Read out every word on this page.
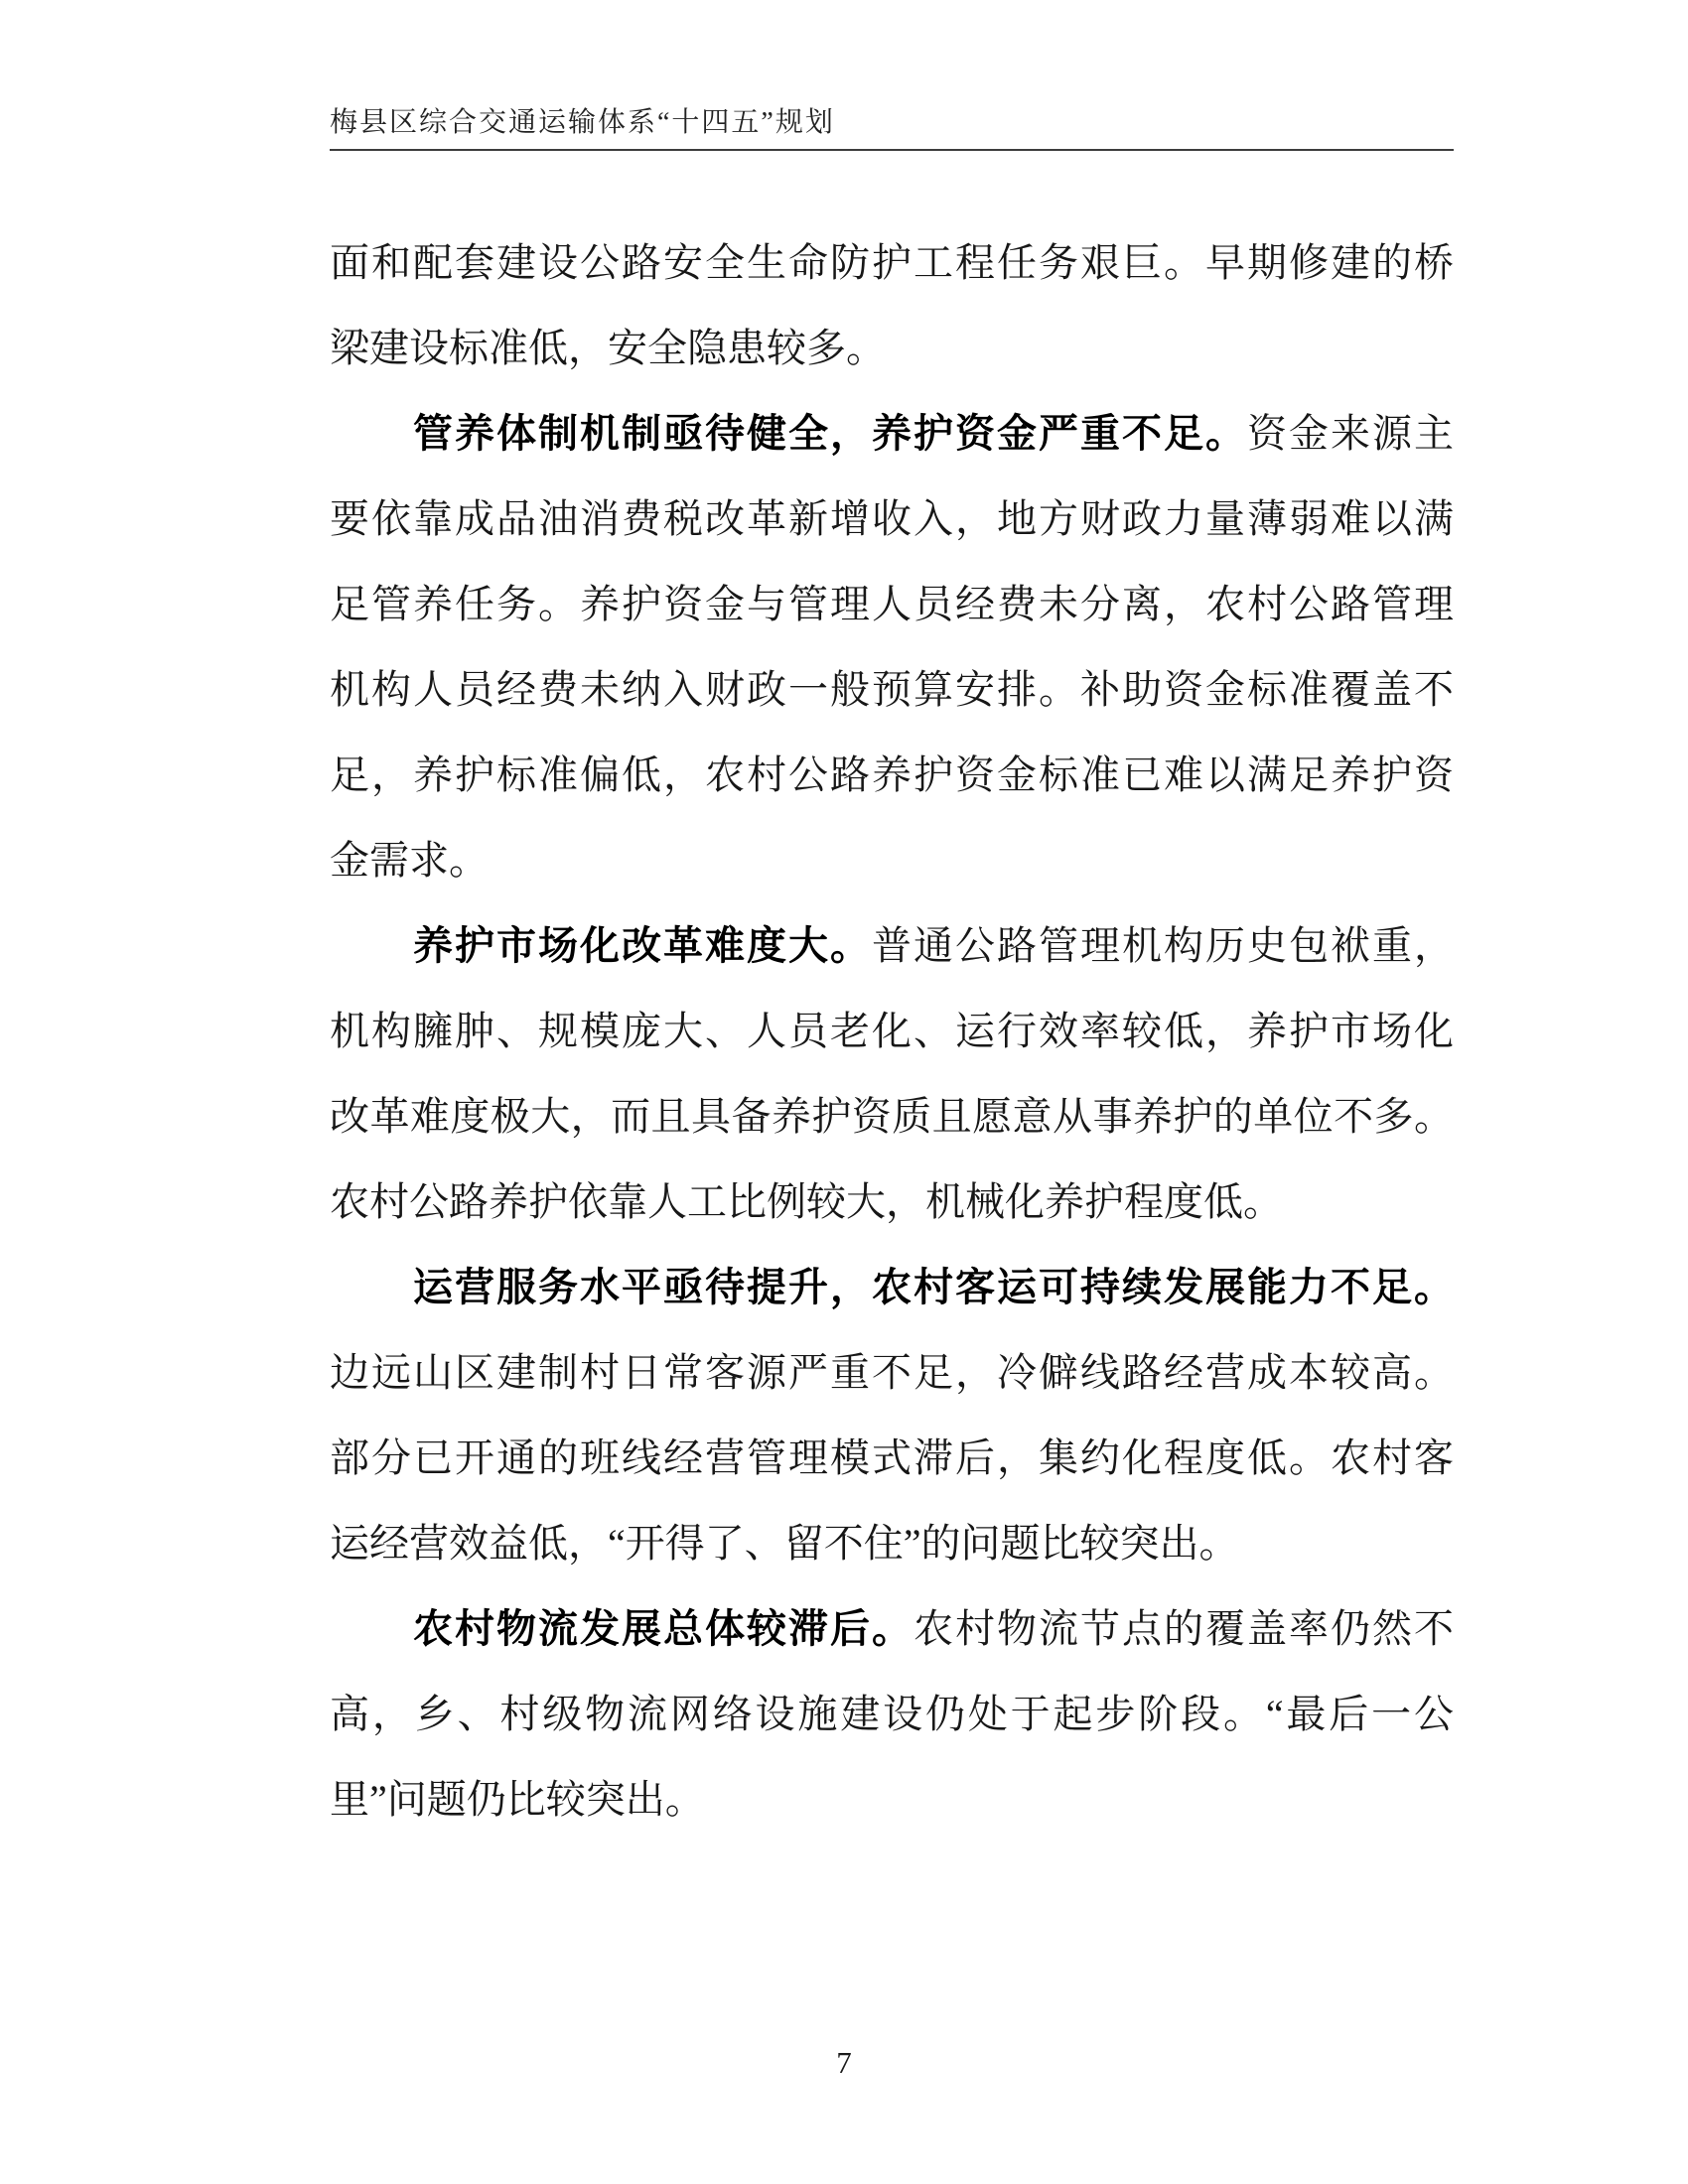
梅县区综合交通运输体系“十四五”规划
面和配套建设公路安全生命防护工程任务艰巨。早期修建的桥
梁建设标准低，安全隐患较多。
　　管养体制机制亟待健全，养护资金严重不足。资金来源主
要依靠成品油消费税改革新增收入，地方财政力量薄弱难以满
足管养任务。养护资金与管理人员经费未分离，农村公路管理
机构人员经费未纳入财政一般预算安排。补助资金标准覆盖不
足，养护标准偏低，农村公路养护资金标准已难以满足养护资
金需求。
　　养护市场化改革难度大。普通公路管理机构历史包袱重，
机构臃肿、规模庞大、人员老化、运行效率较低，养护市场化
改革难度极大，而且具备养护资质且愿意从事养护的单位不多。
农村公路养护依靠人工比例较大，机械化养护程度低。
　　运营服务水平亟待提升，农村客运可持续发展能力不足。
边远山区建制村日常客源严重不足，冷僻线路经营成本较高。
部分已开通的班线经营管理模式滞后，集约化程度低。农村客
运经营效益低，“开得了、留不住”的问题比较突出。
　　农村物流发展总体较滞后。农村物流节点的覆盖率仍然不
高，乡、村级物流网络设施建设仍处于起步阶段。“最后一公
里”问题仍比较突出。
7
